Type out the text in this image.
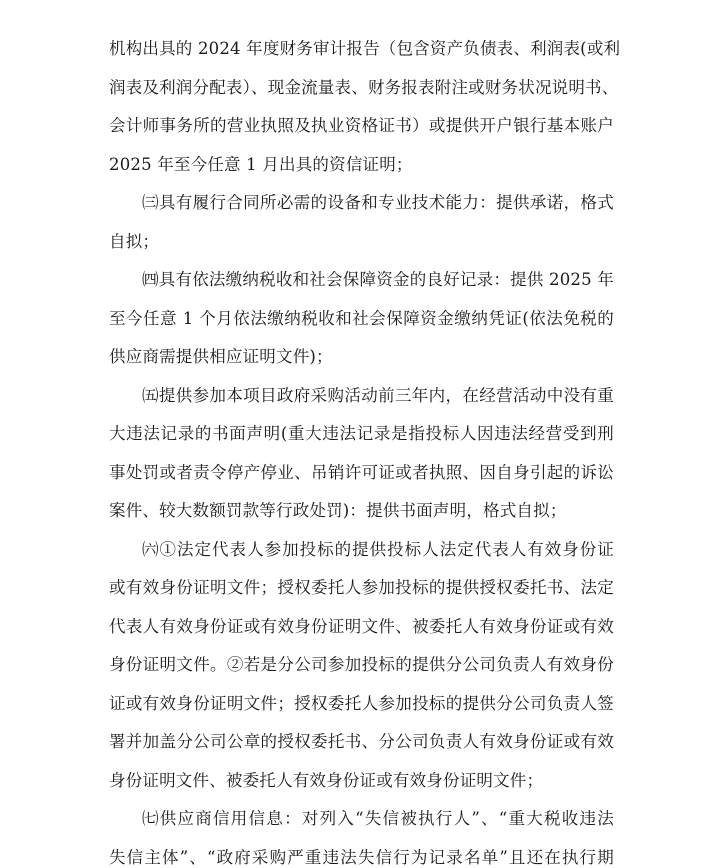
机构出具的 2024 年度财务审计报告（包含资产负债表、利润表(或利
润表及利润分配表）、现金流量表、财务报表附注或财务状况说明书、
会计师事务所的营业执照及执业资格证书）或提供开户银行基本账户
2025 年至今任意 1 月出具的资信证明；
㈢具有履行合同所必需的设备和专业技术能力：提供承诺，格式
自拟；
㈣具有依法缴纳税收和社会保障资金的良好记录：提供 2025 年
至今任意 1 个月依法缴纳税收和社会保障资金缴纳凭证(依法免税的
供应商需提供相应证明文件)；
㈤提供参加本项目政府采购活动前三年内，在经营活动中没有重
大违法记录的书面声明(重大违法记录是指投标人因违法经营受到刑
事处罚或者责令停产停业、吊销许可证或者执照、因自身引起的诉讼
案件、较大数额罚款等行政处罚)：提供书面声明，格式自拟；
㈥①法定代表人参加投标的提供投标人法定代表人有效身份证
或有效身份证明文件；授权委托人参加投标的提供授权委托书、法定
代表人有效身份证或有效身份证明文件、被委托人有效身份证或有效
身份证明文件。②若是分公司参加投标的提供分公司负责人有效身份
证或有效身份证明文件；授权委托人参加投标的提供分公司负责人签
署并加盖分公司公章的授权委托书、分公司负责人有效身份证或有效
身份证明文件、被委托人有效身份证或有效身份证明文件；
㈦供应商信用信息：对列入“失信被执行人”、“重大税收违法
失信主体”、“政府采购严重违法失信行为记录名单”且还在执行期
